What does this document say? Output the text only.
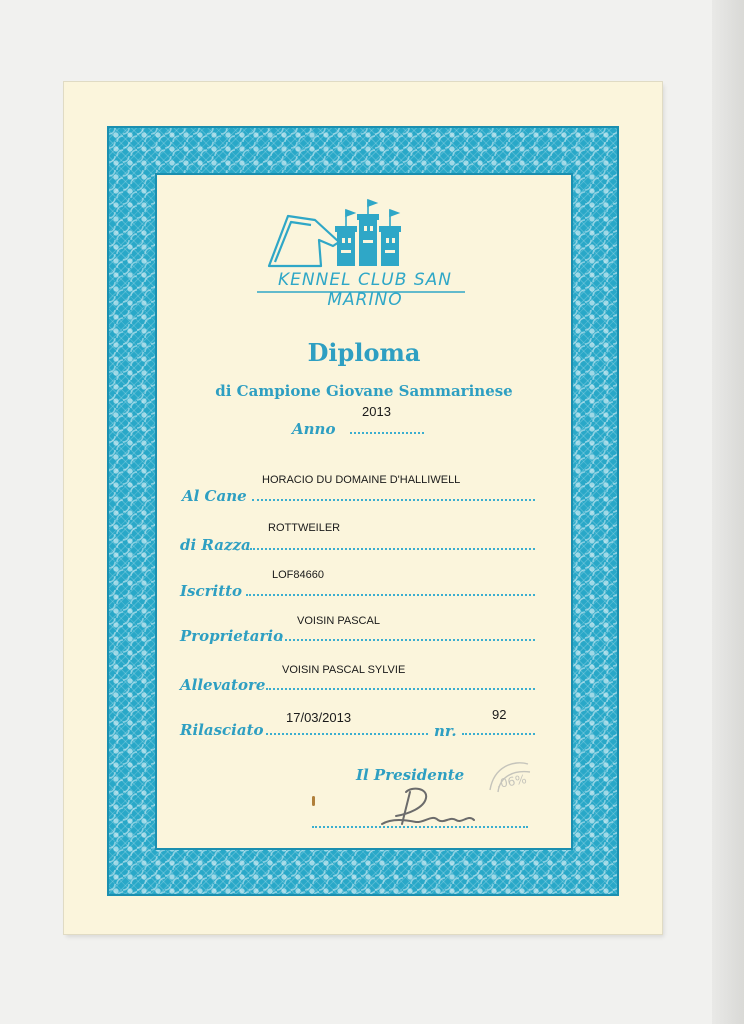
KENNEL CLUB SAN MARINO
Diploma
di Campione Giovane Sammarinese
2013
Anno
HORACIO DU DOMAINE D'HALLIWELL
Al Cane
ROTTWEILER
di Razza
LOF84660
Iscritto
VOISIN PASCAL
Proprietario
VOISIN PASCAL SYLVIE
Allevatore
17/03/2013
Rilasciato
92
nr.
Il Presidente	.06%
